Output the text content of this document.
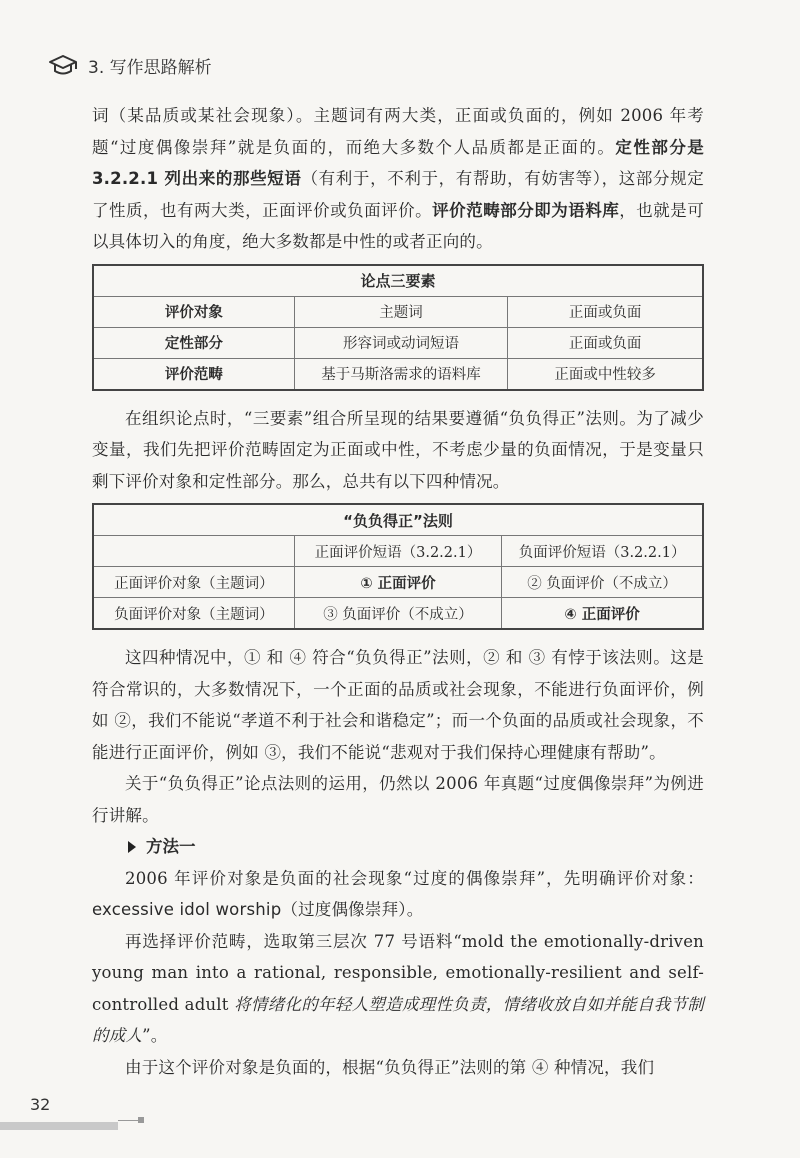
3. 写作思路解析

词（某品质或某社会现象）。主题词有两大类，正面或负面的，例如 2006 年考题“过度偶像崇拜”就是负面的，而绝大多数个人品质都是正面的。定性部分是 3.2.2.1 列出来的那些短语（有利于，不利于，有帮助，有妨害等），这部分规定了性质，也有两大类，正面评价或负面评价。评价范畴部分即为语料库，也就是可以具体切入的角度，绝大多数都是中性的或者正向的。

论点三要素		
评价对象	主题词	正面或负面
定性部分	形容词或动词短语	正面或负面
评价范畴	基于马斯洛需求的语料库	正面或中性较多

在组织论点时，“三要素”组合所呈现的结果要遵循“负负得正”法则。为了减少变量，我们先把评价范畴固定为正面或中性，不考虑少量的负面情况，于是变量只剩下评价对象和定性部分。那么，总共有以下四种情况。

“负负得正”法则		
	正面评价短语（3.2.2.1）	负面评价短语（3.2.2.1）
正面评价对象（主题词）	① 正面评价	② 负面评价（不成立）
负面评价对象（主题词）	③ 负面评价（不成立）	④ 正面评价

这四种情况中，① 和 ④ 符合“负负得正”法则，② 和 ③ 有悖于该法则。这是符合常识的，大多数情况下，一个正面的品质或社会现象，不能进行负面评价，例如 ②，我们不能说“孝道不利于社会和谐稳定”；而一个负面的品质或社会现象，不能进行正面评价，例如 ③，我们不能说“悲观对于我们保持心理健康有帮助”。

关于“负负得正”论点法则的运用，仍然以 2006 年真题“过度偶像崇拜”为例进行讲解。

方法一

2006 年评价对象是负面的社会现象“过度的偶像崇拜”，先明确评价对象：excessive idol worship（过度偶像崇拜）。

再选择评价范畴，选取第三层次 77 号语料“mold the emotionally-driven young man into a rational, responsible, emotionally-resilient and self-controlled adult 将情绪化的年轻人塑造成理性负责，情绪收放自如并能自我节制的成人”。

由于这个评价对象是负面的，根据“负负得正”法则的第 ④ 种情况，我们

32
